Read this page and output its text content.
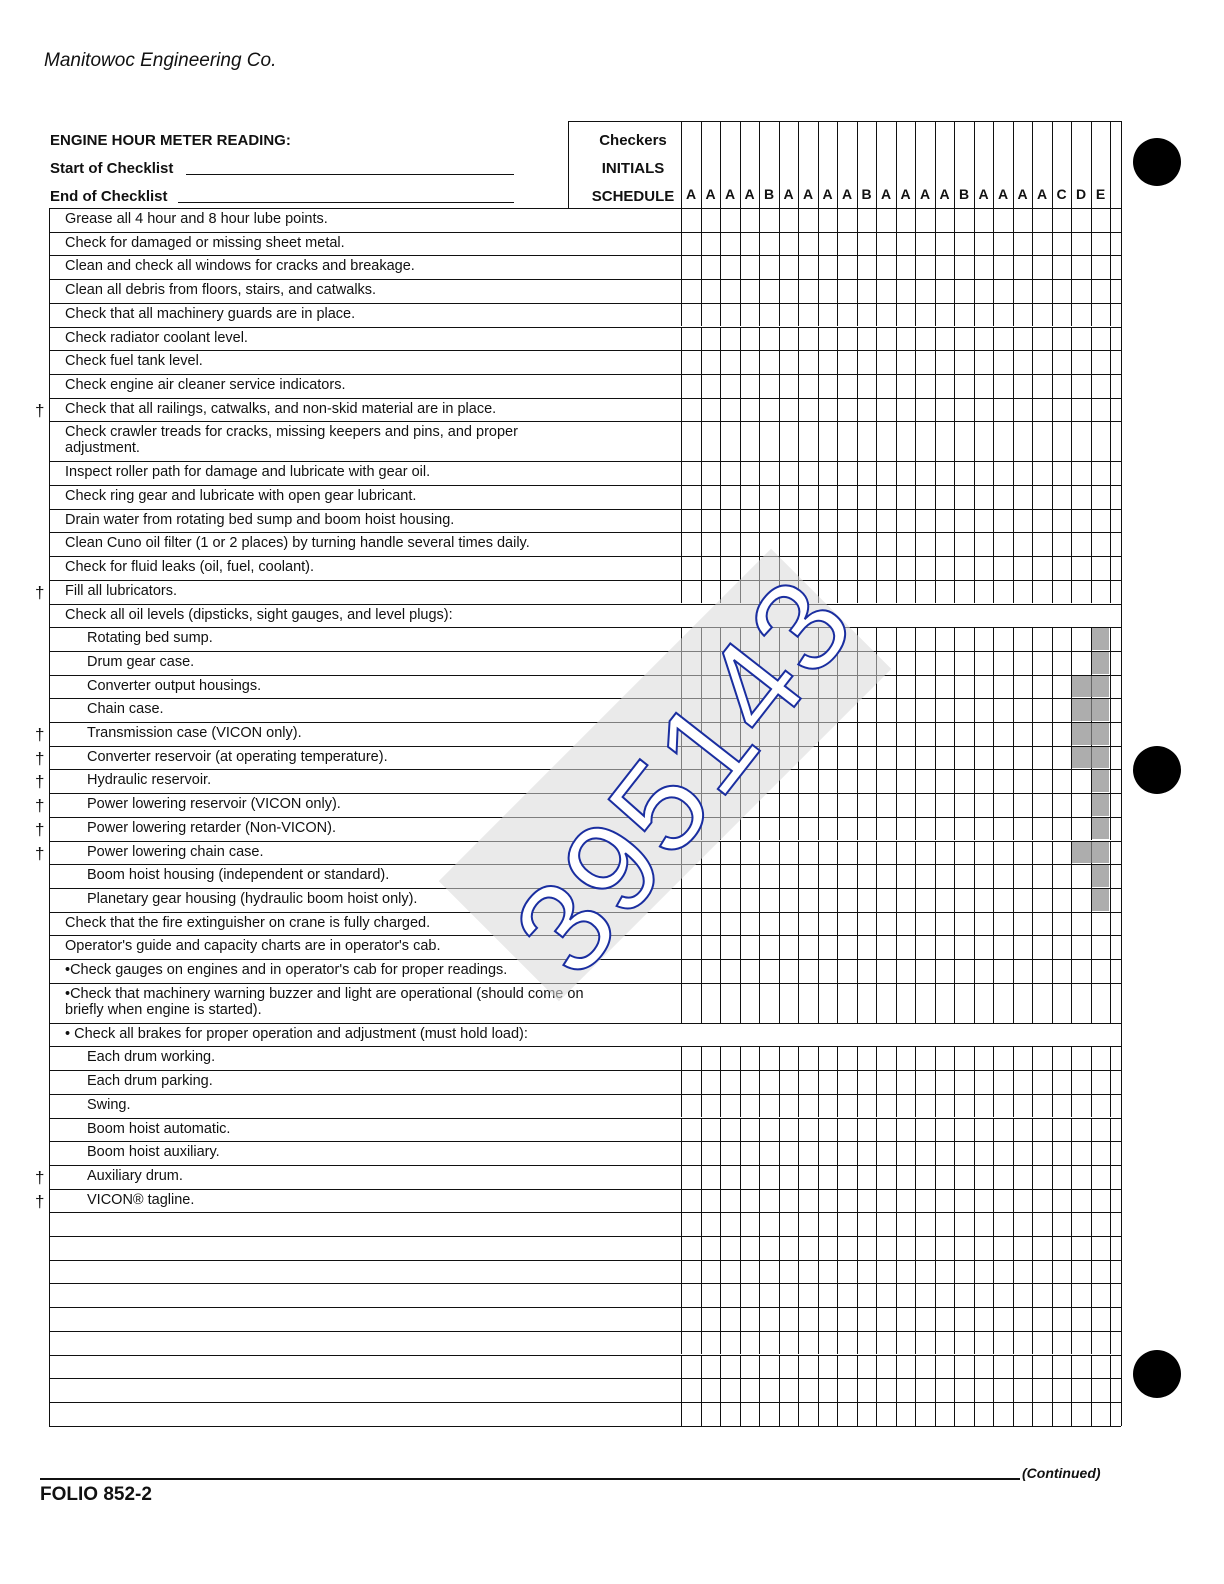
Manitowoc Engineering Co.
ENGINE HOUR METER READING:
Start of Checklist
End of Checklist
Checkers
INITIALS
SCHEDULE A A A A B A A A A B A A A A B A A A A C D E
Grease all 4 hour and 8 hour lube points.
Check for damaged or missing sheet metal.
Clean and check all windows for cracks and breakage.
Clean all debris from floors, stairs, and catwalks.
Check that all machinery guards are in place.
Check radiator coolant level.
Check fuel tank level.
Check engine air cleaner service indicators.
Check that all railings, catwalks, and non-skid material are in place.
†
Check crawler treads for cracks, missing keepers and pins, and proper
adjustment.
Inspect roller path for damage and lubricate with gear oil.
Check ring gear and lubricate with open gear lubricant.
Drain water from rotating bed sump and boom hoist housing.
Clean Cuno oil filter (1 or 2 places) by turning handle several times daily.
Check for fluid leaks (oil, fuel, coolant).
Fill all lubricators.
†
Check all oil levels (dipsticks, sight gauges, and level plugs):
Rotating bed sump.
Drum gear case.
Converter output housings.
Chain case.
Transmission case (VICON only).
†
Converter reservoir (at operating temperature).
†
Hydraulic reservoir.
†
Power lowering reservoir (VICON only).
†
Power lowering retarder (Non-VICON).
†
Power lowering chain case.
†
Boom hoist housing (independent or standard).
Planetary gear housing (hydraulic boom hoist only).
Check that the fire extinguisher on crane is fully charged.
Operator's guide and capacity charts are in operator's cab.
•Check gauges on engines and in operator's cab for proper readings.
•Check that machinery warning buzzer and light are operational (should come on
briefly when engine is started).
• Check all brakes for proper operation and adjustment (must hold load):
Each drum working.
Each drum parking.
Swing.
Boom hoist automatic.
Boom hoist auxiliary.
Auxiliary drum.
†
VICON® tagline.
†
395143
FOLIO 852-2
(Continued)
